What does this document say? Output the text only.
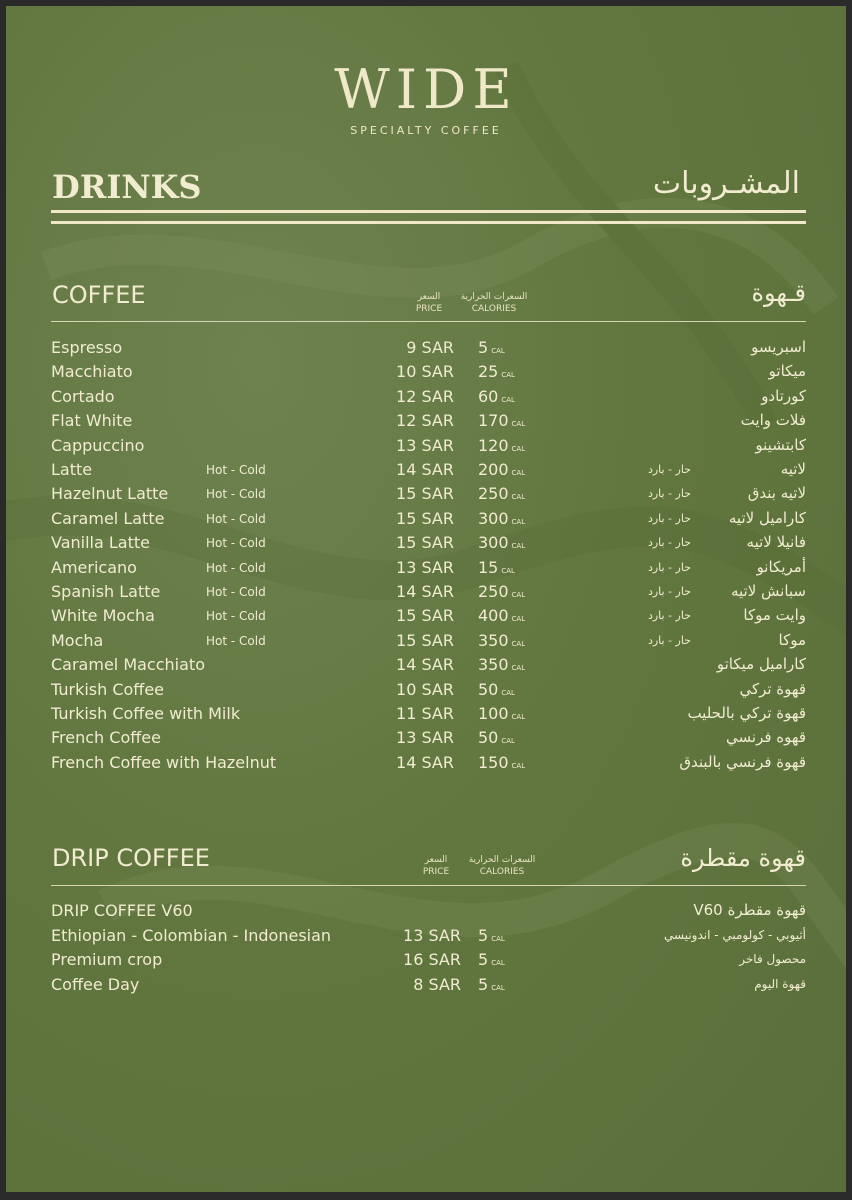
WIDE
SPECIALTY COFFEE
DRINKS	المشـروبات
COFFEE	قـهوة
السعر
PRICE
السعرات الحرارية
CALORIES
Espresso	9 SAR 5 CAL	اسبريسو
Macchiato	10 SAR 25 CAL	ميكاتو
Cortado	12 SAR 60 CAL	كورتادو
Flat White	12 SAR 170 CAL	فلات وايت
Cappuccino	13 SAR 120 CAL	كابتشينو
Latte	Hot - Cold	14 SAR 200 CAL	حار - بارد	لاتيه
Hazelnut Latte	Hot - Cold	15 SAR 250 CAL	حار - بارد	لاتيه بندق
Caramel Latte	Hot - Cold	15 SAR 300 CAL	حار - بارد	كاراميل لاتيه
Vanilla Latte	Hot - Cold	15 SAR 300 CAL	حار - بارد	فانيلا لاتيه
Americano	Hot - Cold	13 SAR 15 CAL	حار - بارد	أمريكانو
Spanish Latte	Hot - Cold	14 SAR 250 CAL	حار - بارد	سبانش لاتيه
White Mocha	Hot - Cold	15 SAR 400 CAL	حار - بارد	وايت موكا
Mocha	Hot - Cold	15 SAR 350 CAL	حار - بارد	موكا
Caramel Macchiato	14 SAR 350 CAL	كاراميل ميكاتو
Turkish Coffee	10 SAR 50 CAL	قهوة تركي
Turkish Coffee with Milk	11 SAR 100 CAL	قهوة تركي بالحليب
French Coffee	13 SAR 50 CAL	قهوه فرنسي
French Coffee with Hazelnut	14 SAR 150 CAL	قهوة فرنسي بالبندق
DRIP COFFEE	قهوة مقطرة
السعر
PRICE
السعرات الحرارية
CALORIES
DRIP COFFEE V60	قهوة مقطرة V60
Ethiopian - Colombian - Indonesian	13 SAR 5 CAL	أثيوبي - كولومبي - اندونيسي
Premium crop	16 SAR 5 CAL	محصول فاخر
Coffee Day	8 SAR 5 CAL	قهوة اليوم
